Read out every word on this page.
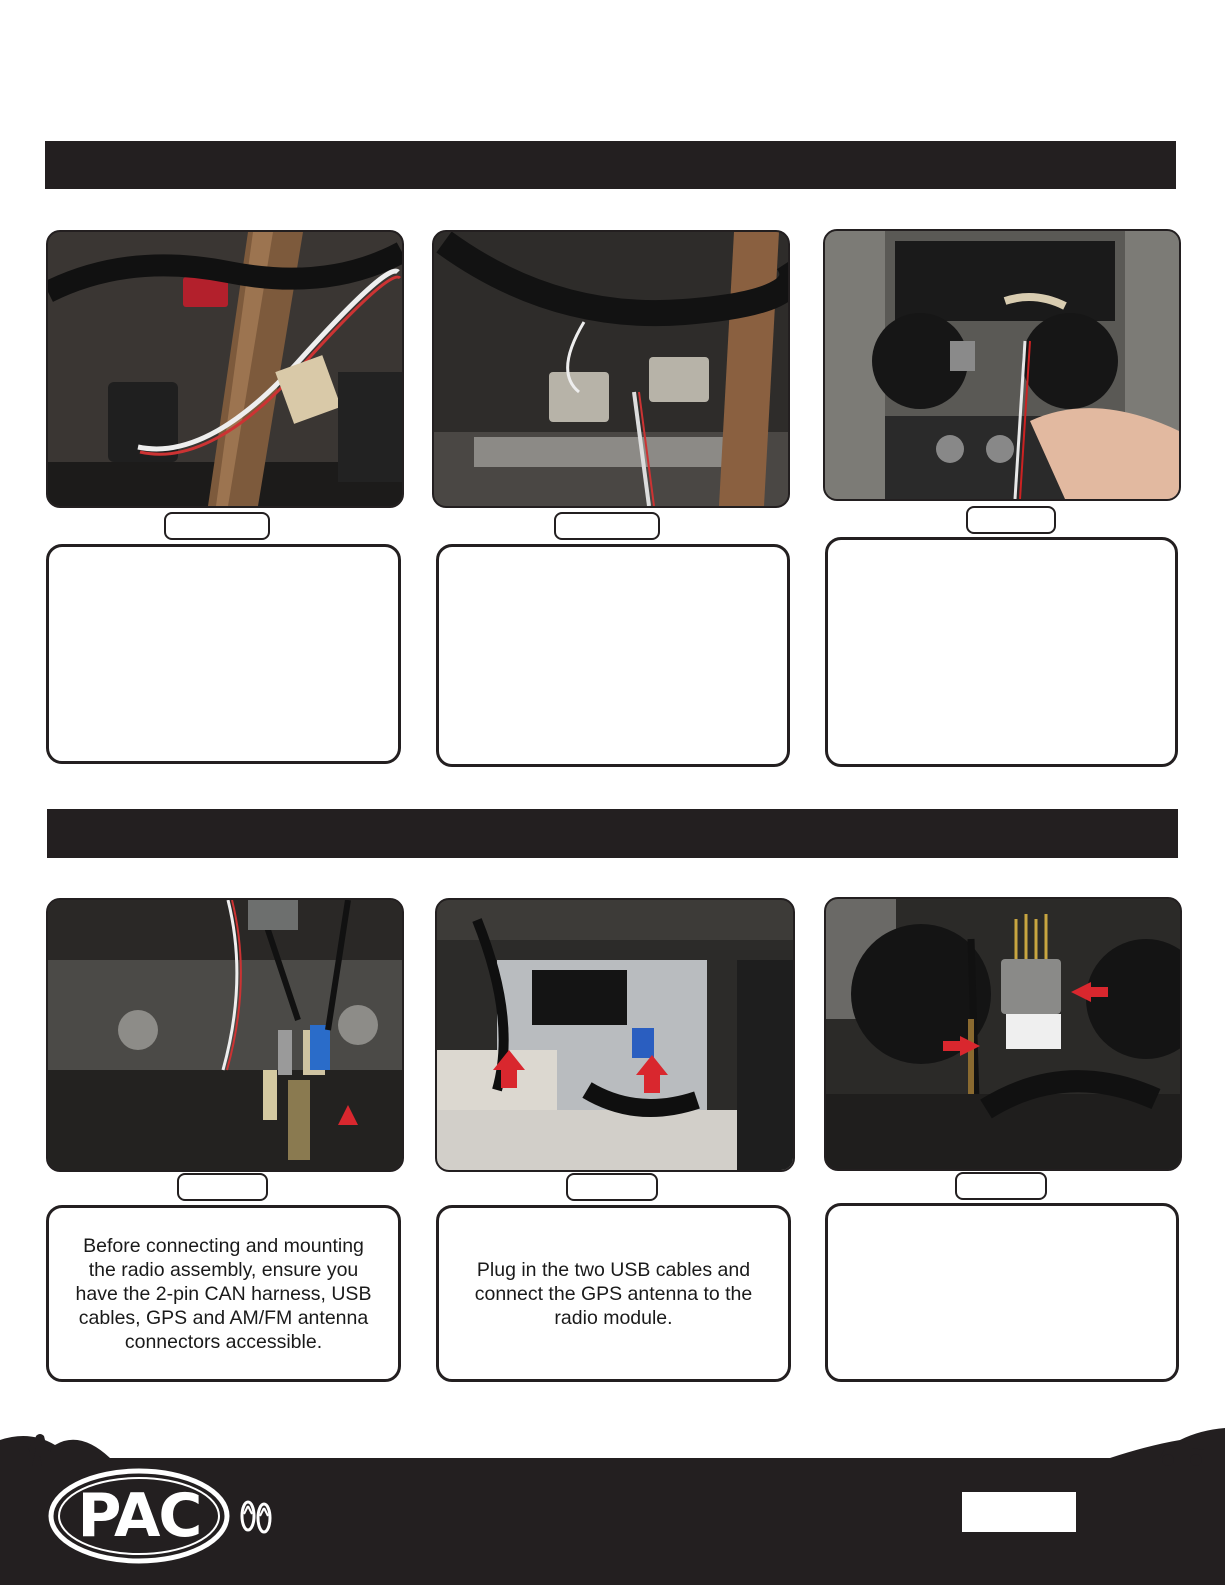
Before connecting and mounting the radio assembly, ensure you have the 2-pin CAN harness, USB cables, GPS and AM/FM antenna connectors accessible.
Plug in the two USB cables and connect the GPS antenna to the radio module.
PAC
